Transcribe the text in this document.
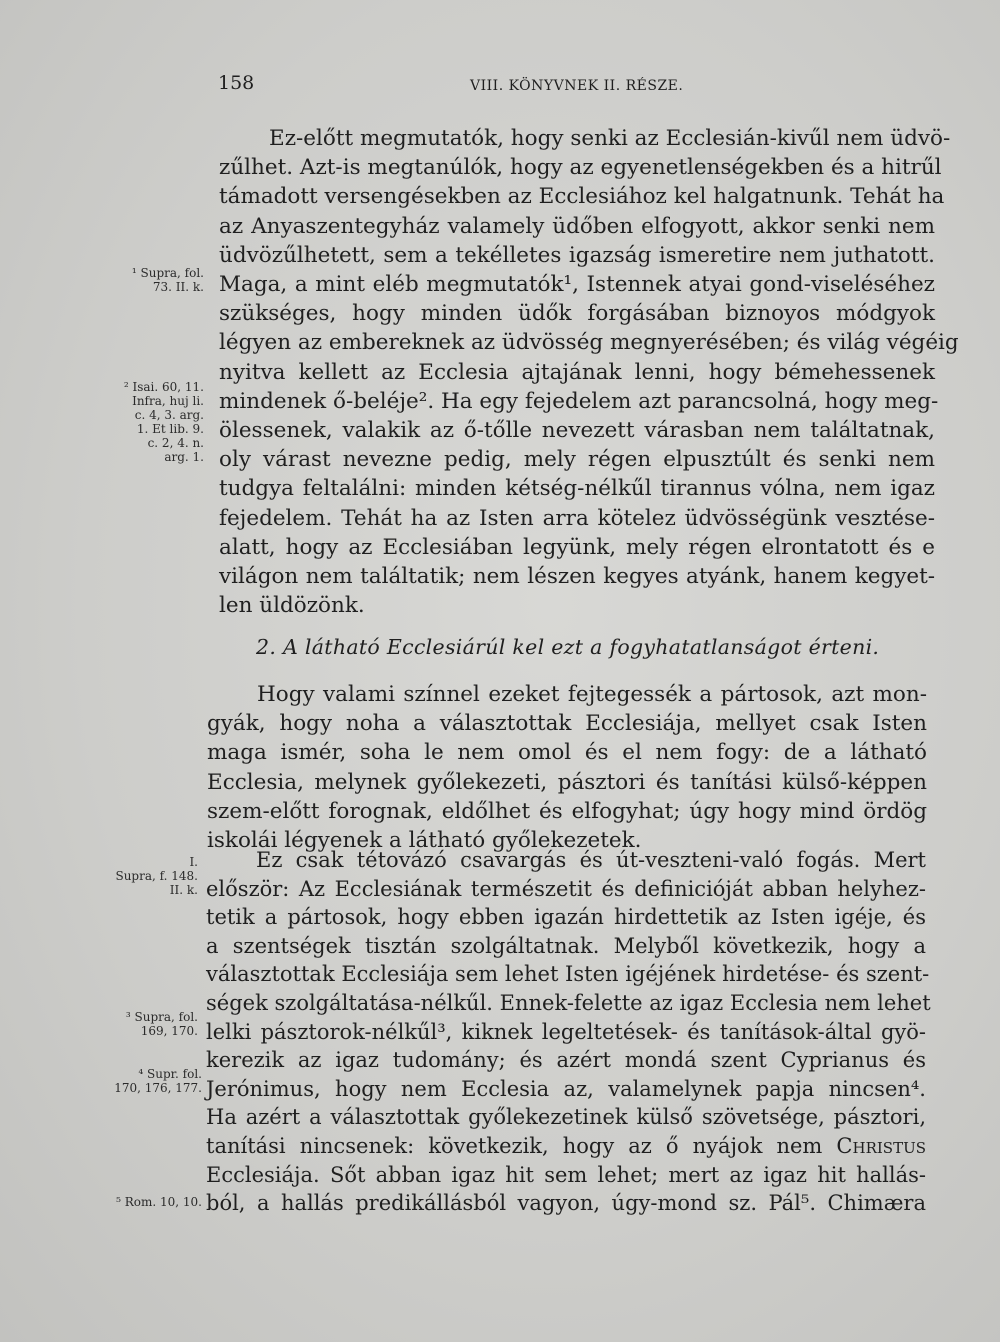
158	VIII. KÖNYVNEK II. RÉSZE.
Ez-előtt megmutatók, hogy senki az Ecclesián-kivűl nem üdvö-
zűlhet. Azt-is megtanúlók, hogy az egyenetlenségekben és a hitrűl
támadott versengésekben az Ecclesiához kel halgatnunk. Tehát ha
az Anyaszentegyház valamely üdőben elfogyott, akkor senki nem
üdvözűlhetett, sem a tekélletes igazság ismeretire nem juthatott.
Maga, a mint eléb megmutatók¹, Istennek atyai gond-viseléséhez
szükséges, hogy minden üdők forgásában biznoyos módgyok
légyen az embereknek az üdvösség megnyerésében; és világ végéig
nyitva kellett az Ecclesia ajtajának lenni, hogy bémehessenek
mindenek ő-beléje². Ha egy fejedelem azt parancsolná, hogy meg-
ölessenek, valakik az ő-tőlle nevezett várasban nem találtatnak,
oly várast nevezne pedig, mely régen elpusztúlt és senki nem
tudgya feltalálni: minden kétség-nélkűl tirannus vólna, nem igaz
fejedelem. Tehát ha az Isten arra kötelez üdvösségünk vesztése-
alatt, hogy az Ecclesiában legyünk, mely régen elrontatott és e
világon nem találtatik; nem lészen kegyes atyánk, hanem kegyet-
len üldözönk.
2. A látható Ecclesiárúl kel ezt a fogyhatatlanságot érteni.
Hogy valami színnel ezeket fejtegessék a pártosok, azt mon-
gyák, hogy noha a választottak Ecclesiája, mellyet csak Isten
maga ismér, soha le nem omol és el nem fogy: de a látható
Ecclesia, melynek győlekezeti, pásztori és tanítási külső-képpen
szem-előtt forognak, eldőlhet és elfogyhat; úgy hogy mind ördög
iskolái légyenek a látható győlekezetek.
Ez csak tétovázó csavargás és út-veszteni-való fogás. Mert
először: Az Ecclesiának természetit és definicióját abban helyhez-
tetik a pártosok, hogy ebben igazán hirdettetik az Isten igéje, és
a szentségek tisztán szolgáltatnak. Melyből következik, hogy a
választottak Ecclesiája sem lehet Isten igéjének hirdetése- és szent-
ségek szolgáltatása-nélkűl. Ennek-felette az igaz Ecclesia nem lehet
lelki pásztorok-nélkűl³, kiknek legeltetések- és tanítások-által gyö-
kerezik az igaz tudomány; és azért mondá szent Cyprianus és
Jerónimus, hogy nem Ecclesia az, valamelynek papja nincsen⁴.
Ha azért a választottak győlekezetinek külső szövetsége, pásztori,
tanítási nincsenek: következik, hogy az ő nyájok nem Christus
Ecclesiája. Sőt abban igaz hit sem lehet; mert az igaz hit hallás-
ból, a hallás predikállásból vagyon, úgy-mond sz. Pál⁵. Chimæra
¹ Supra, fol.
73. II. k.
² Isai. 60, 11.
Infra, huj li.
c. 4, 3. arg.
1. Et lib. 9.
c. 2, 4. n.
arg. 1.
I.
Supra, f. 148.
II. k.
³ Supra, fol.
169, 170.
⁴ Supr. fol.
170, 176, 177.
⁵ Rom. 10, 10.
